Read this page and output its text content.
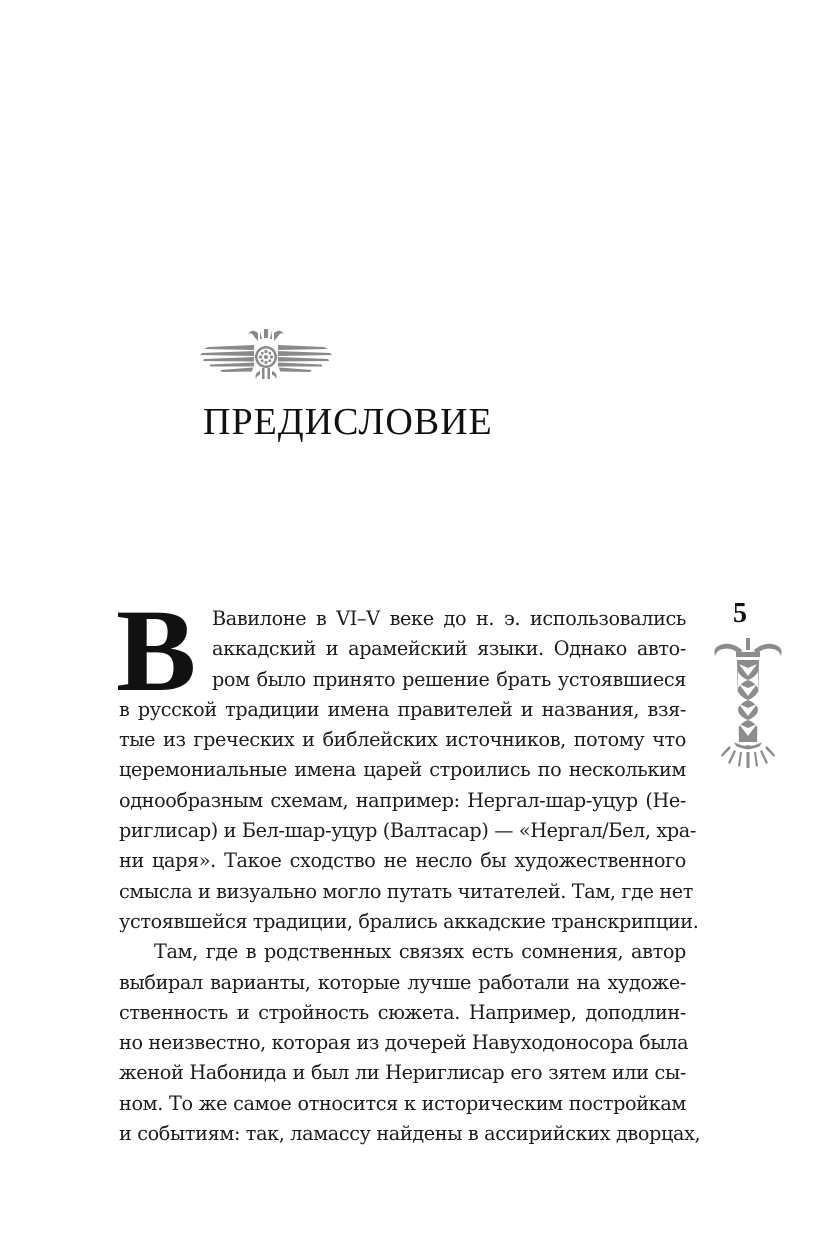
ПРЕДИСЛОВИЕ
5
В Вавилоне в VI–V веке до н. э. использовались
аккадский и арамейский языки. Однако авто-
ром было принято решение брать устоявшиеся
в русской традиции имена правителей и названия, взя-
тые из греческих и библейских источников, потому что
церемониальные имена царей строились по нескольким
однообразным схемам, например: Нергал-шар-уцур (Не-
риглисар) и Бел-шар-уцур (Валтасар) — «Нергал/Бел, хра-
ни царя». Такое сходство не несло бы художественного
смысла и визуально могло путать читателей. Там, где нет
устоявшейся традиции, брались аккадские транскрипции.
Там, где в родственных связях есть сомнения, автор
выбирал варианты, которые лучше работали на художе-
ственность и стройность сюжета. Например, доподлин-
но неизвестно, которая из дочерей Навуходоносора была
женой Набонида и был ли Нериглисар его зятем или сы-
ном. То же самое относится к историческим постройкам
и событиям: так, ламассу найдены в ассирийских дворцах,
